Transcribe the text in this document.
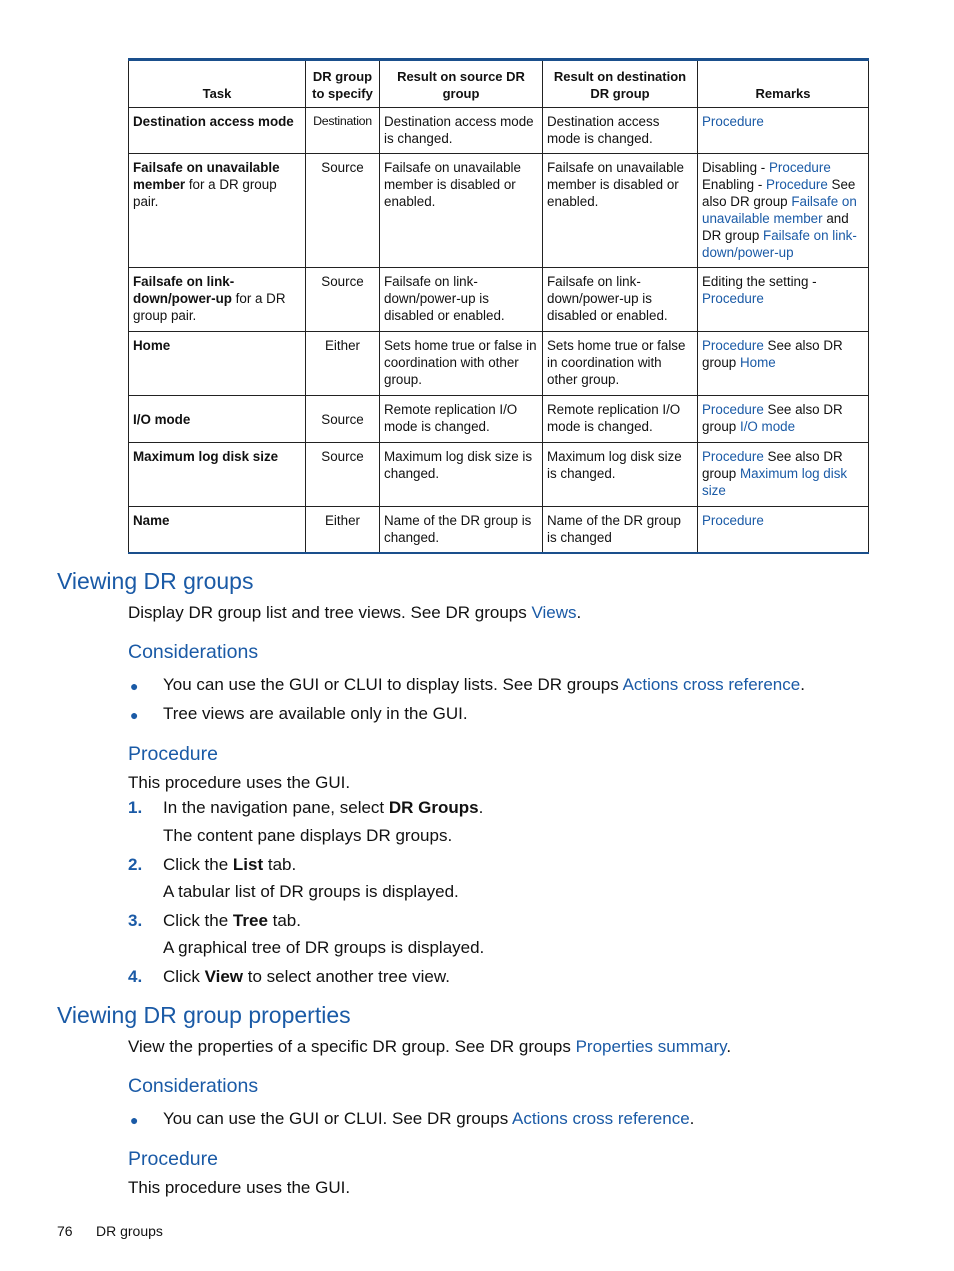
Task	DR group to specify	Result on source DR group	Result on destination DR group	Remarks
Destination access mode	Destination	Destination access mode is changed.	Destination access mode is changed.	Procedure
Failsafe on unavailable member for a DR group pair.	Source	Failsafe on unavailable member is disabled or enabled.	Failsafe on unavailable member is disabled or enabled.	Disabling - Procedure Enabling - Procedure See also DR group Failsafe on unavailable member and DR group Failsafe on link-down/power-up
Failsafe on link-down/power-up for a DR group pair.	Source	Failsafe on link-down/power-up is disabled or enabled.	Failsafe on link-down/power-up is disabled or enabled.	Editing the setting - Procedure
Home	Either	Sets home true or false in coordination with other group.	Sets home true or false in coordination with other group.	Procedure See also DR group Home
I/O mode	Source	Remote replication I/O mode is changed.	Remote replication I/O mode is changed.	Procedure See also DR group I/O mode
Maximum log disk size	Source	Maximum log disk size is changed.	Maximum log disk size is changed.	Procedure See also DR group Maximum log disk size
Name	Either	Name of the DR group is changed.	Name of the DR group is changed	Procedure
Viewing DR groups

Display DR group list and tree views. See DR groups Views.

Considerations
● You can use the GUI or CLUI to display lists. See DR groups Actions cross reference.

● Tree views are available only in the GUI.

Procedure

This procedure uses the GUI.

1. In the navigation pane, select DR Groups.

The content pane displays DR groups.

2. Click the List tab.

A tabular list of DR groups is displayed.

3. Click the Tree tab.

A graphical tree of DR groups is displayed.

4. Click View to select another tree view.

Viewing DR group properties

View the properties of a specific DR group. See DR groups Properties summary.

Considerations
● You can use the GUI or CLUI. See DR groups Actions cross reference.

Procedure

This procedure uses the GUI.

76 DR groups
